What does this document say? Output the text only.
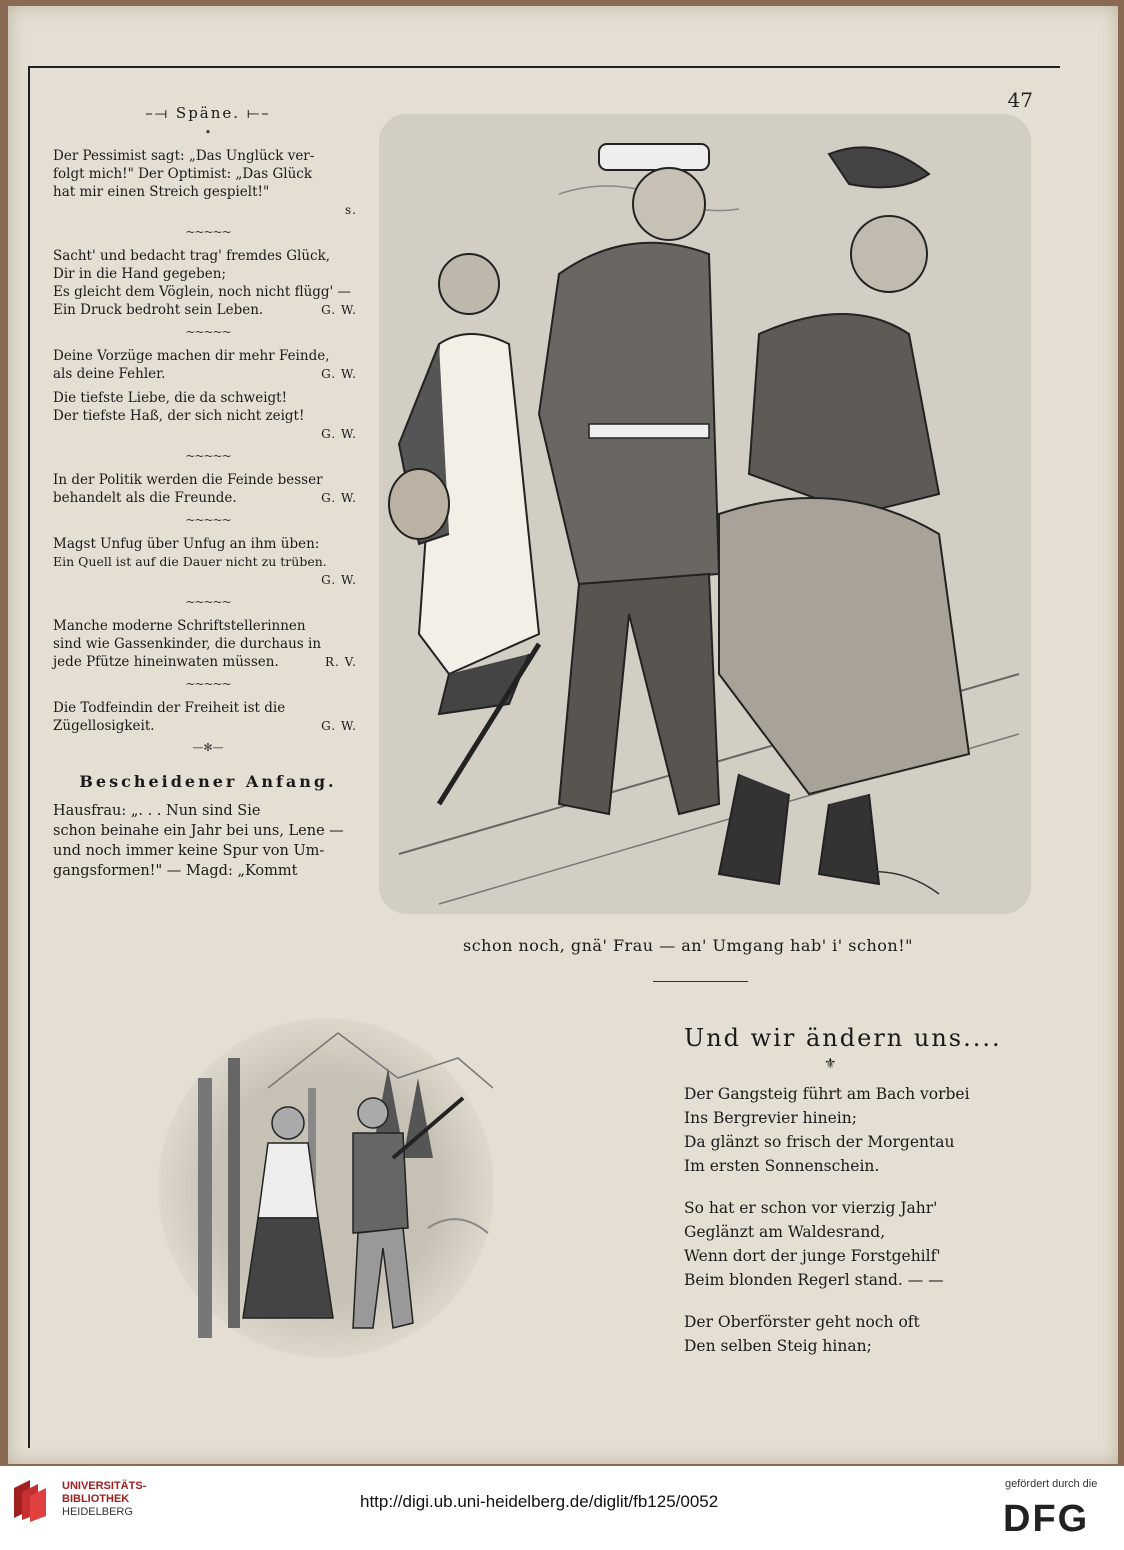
47
–⟞ Späne. ⟝–
•
Der Pessimist sagt: „Das Unglück ver-
folgt mich!" Der Optimist: „Das Glück
hat mir einen Streich gespielt!"
s.
~~~~~
Sacht' und bedacht trag' fremdes Glück,
Dir in die Hand gegeben;
Es gleicht dem Vöglein, noch nicht flügg' —
Ein Druck bedroht sein Leben.	G. W.
~~~~~
Deine Vorzüge machen dir mehr Feinde,
als deine Fehler.	G. W.
Die tiefste Liebe, die da schweigt!
Der tiefste Haß, der sich nicht zeigt!
G. W.
~~~~~
In der Politik werden die Feinde besser
behandelt als die Freunde.	G. W.
~~~~~
Magst Unfug über Unfug an ihm üben:
Ein Quell ist auf die Dauer nicht zu trüben.
G. W.
~~~~~
Manche moderne Schriftstellerinnen
sind wie Gassenkinder, die durchaus in
jede Pfütze hineinwaten müssen.	R. V.
~~~~~
Die Todfeindin der Freiheit ist die
Zügellosigkeit.	G. W.
—✻—
Bescheidener Anfang.
Hausfrau: „. . . Nun sind Sie
schon beinahe ein Jahr bei uns, Lene —
und noch immer keine Spur von Um-
gangsformen!" — Magd: „Kommt
schon noch, gnä' Frau — an' Umgang hab' i' schon!"
Und wir ändern uns....
⚜
Der Gangsteig führt am Bach vorbei
Ins Bergrevier hinein;
Da glänzt so frisch der Morgentau
Im ersten Sonnenschein.
So hat er schon vor vierzig Jahr'
Geglänzt am Waldesrand,
Wenn dort der junge Forstgehilf'
Beim blonden Regerl stand. — —
Der Oberförster geht noch oft
Den selben Steig hinan;
UNIVERSITÄTS-
BIBLIOTHEK
HEIDELBERG
http://digi.ub.uni-heidelberg.de/diglit/fb125/0052
gefördert durch die
DFG
